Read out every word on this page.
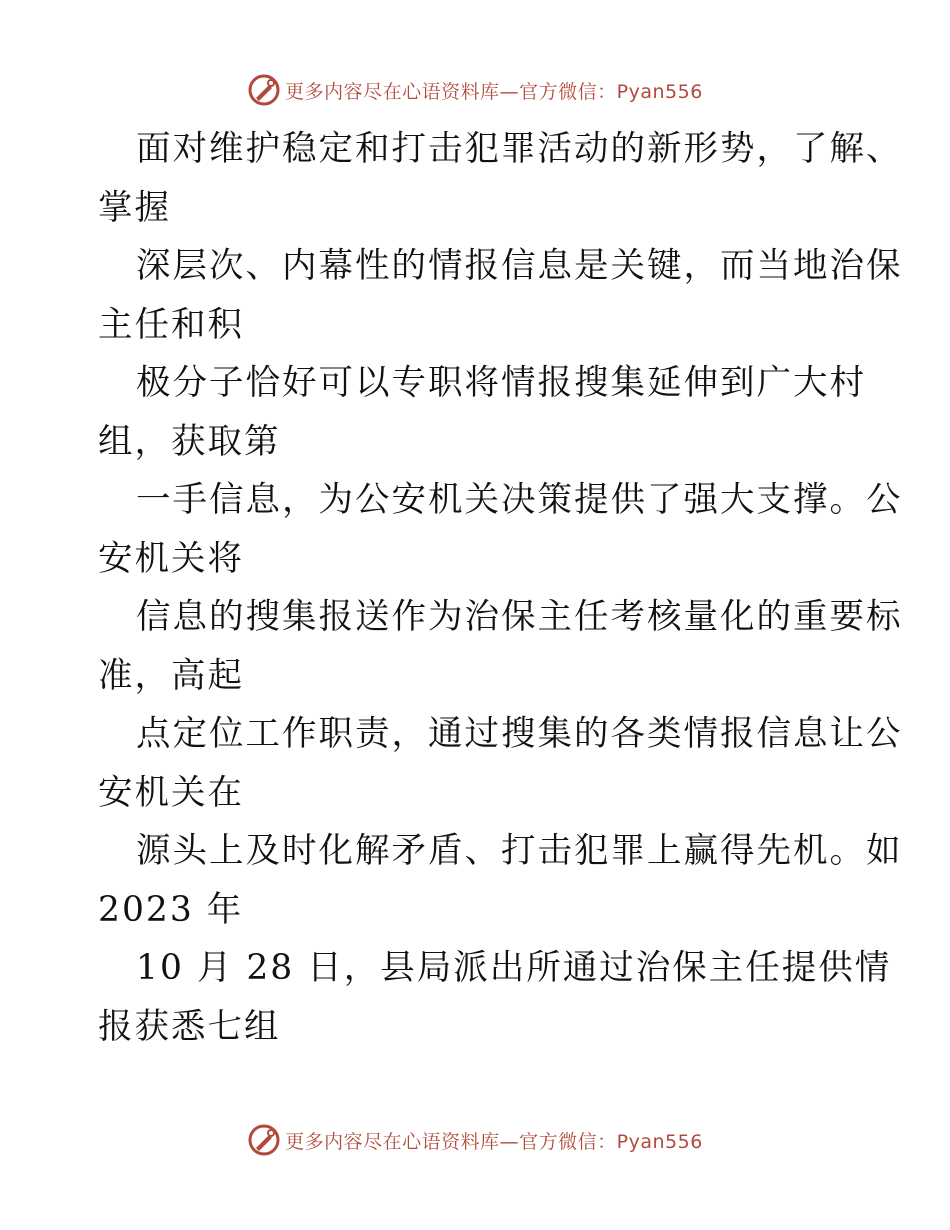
更多内容尽在心语资料库—官方微信：Pyan556

面对维护稳定和打击犯罪活动的新形势，了解、
掌握

深层次、内幕性的情报信息是关键，而当地治保
主任和积

极分子恰好可以专职将情报搜集延伸到广大村
组，获取第

一手信息，为公安机关决策提供了强大支撑。公
安机关将

信息的搜集报送作为治保主任考核量化的重要标
准，高起

点定位工作职责，通过搜集的各类情报信息让公
安机关在

源头上及时化解矛盾、打击犯罪上赢得先机。如
2023 年

10 月 28 日，县局派出所通过治保主任提供情
报获悉七组

更多内容尽在心语资料库—官方微信：Pyan556
